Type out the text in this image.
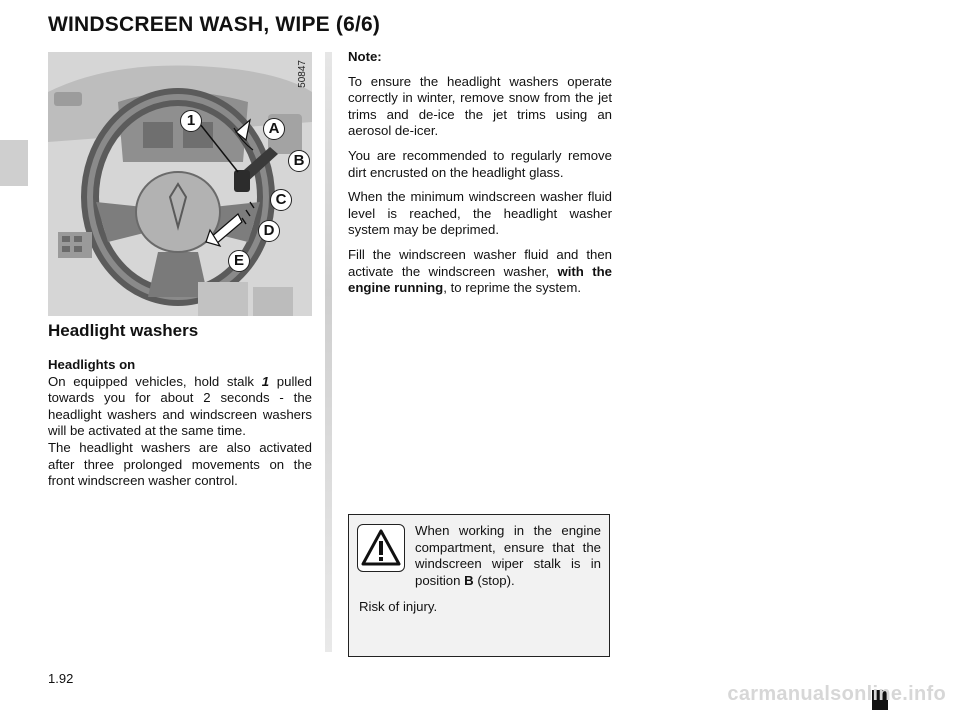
WINDSCREEN WASH, WIPE (6/6)
50847
1	A
B
C
D
E
Headlight washers
Headlights on
On equipped vehicles, hold stalk 1 pulled towards you for about 2 seconds - the headlight washers and windscreen washers will be activated at the same time.
The headlight washers are also activated after three prolonged movements on the front windscreen washer control.

Note:

To ensure the headlight washers operate correctly in winter, remove snow from the jet trims and de-ice the jet trims using an aerosol de-icer.

You are recommended to regularly remove dirt encrusted on the headlight glass.

When the minimum windscreen washer fluid level is reached, the headlight washer system may be deprimed.

Fill the windscreen washer fluid and then activate the windscreen washer, with the engine running, to reprime the system.

When working in the engine compartment, ensure that the windscreen wiper stalk is in position B (stop).
Risk of injury.
1.92
carmanualsonline.info
